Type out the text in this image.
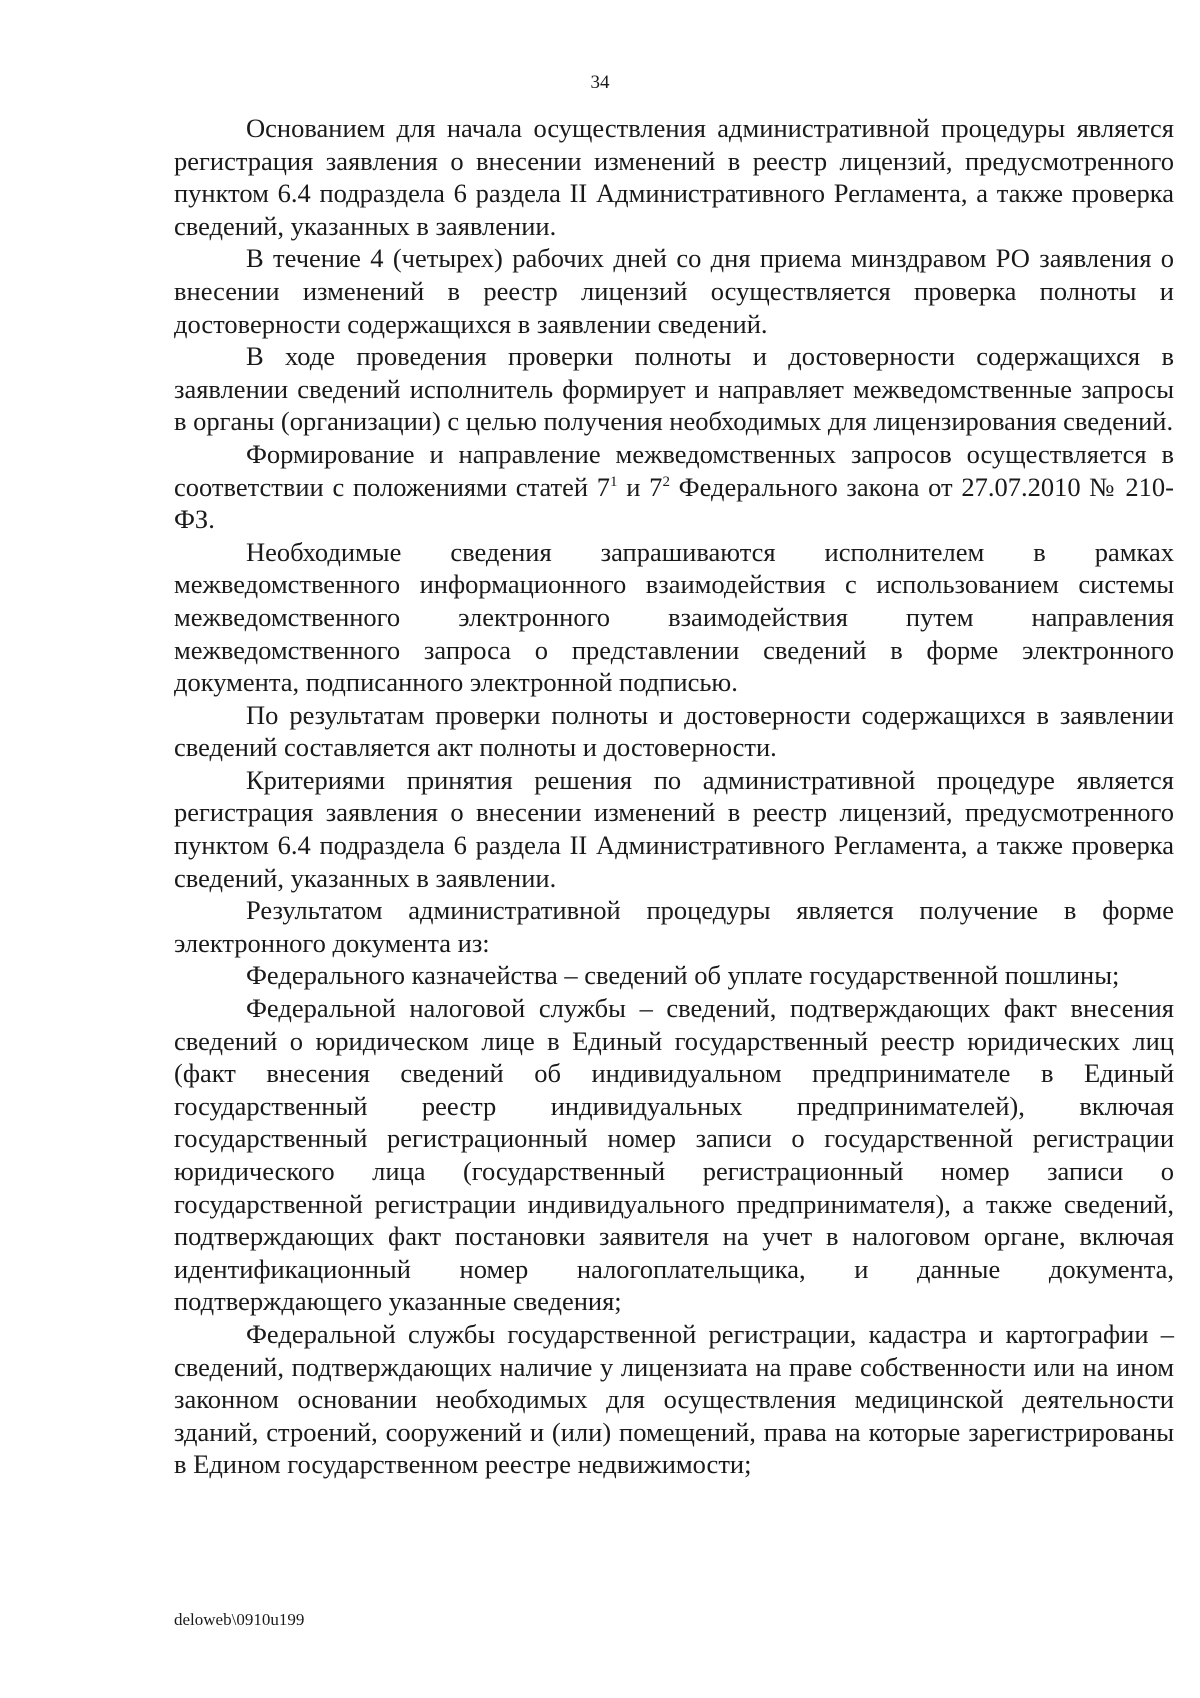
34

Основанием для начала осуществления административной процедуры является регистрация заявления о внесении изменений в реестр лицензий, предусмотренного пунктом 6.4 подраздела 6 раздела II Административного Регламента, а также проверка сведений, указанных в заявлении.

В течение 4 (четырех) рабочих дней со дня приема минздравом РО заявления о внесении изменений в реестр лицензий осуществляется проверка полноты и достоверности содержащихся в заявлении сведений.

В ходе проведения проверки полноты и достоверности содержащихся в заявлении сведений исполнитель формирует и направляет межведомственные запросы в органы (организации) с целью получения необходимых для лицензирования сведений.

Формирование и направление межведомственных запросов осуществляется в соответствии с положениями статей $7^1$ и $7^2$ Федерального закона от 27.07.2010 № 210-ФЗ.

Необходимые сведения запрашиваются исполнителем в рамках межведомственного информационного взаимодействия с использованием системы межведомственного электронного взаимодействия путем направления межведомственного запроса о представлении сведений в форме электронного документа, подписанного электронной подписью.

По результатам проверки полноты и достоверности содержащихся в заявлении сведений составляется акт полноты и достоверности.

Критериями принятия решения по административной процедуре является регистрация заявления о внесении изменений в реестр лицензий, предусмотренного пунктом 6.4 подраздела 6 раздела II Административного Регламента, а также проверка сведений, указанных в заявлении.

Результатом административной процедуры является получение в форме электронного документа из:

Федерального казначейства – сведений об уплате государственной пошлины;

Федеральной налоговой службы – сведений, подтверждающих факт внесения сведений о юридическом лице в Единый государственный реестр юридических лиц (факт внесения сведений об индивидуальном предпринимателе в Единый государственный реестр индивидуальных предпринимателей), включая государственный регистрационный номер записи о государственной регистрации юридического лица (государственный регистрационный номер записи о государственной регистрации индивидуального предпринимателя), а также сведений, подтверждающих факт постановки заявителя на учет в налоговом органе, включая идентификационный номер налогоплательщика, и данные документа, подтверждающего указанные сведения;

Федеральной службы государственной регистрации, кадастра и картографии – сведений, подтверждающих наличие у лицензиата на праве собственности или на ином законном основании необходимых для осуществления медицинской деятельности зданий, строений, сооружений и (или) помещений, права на которые зарегистрированы в Едином государственном реестре недвижимости;

deloweb\0910u199
